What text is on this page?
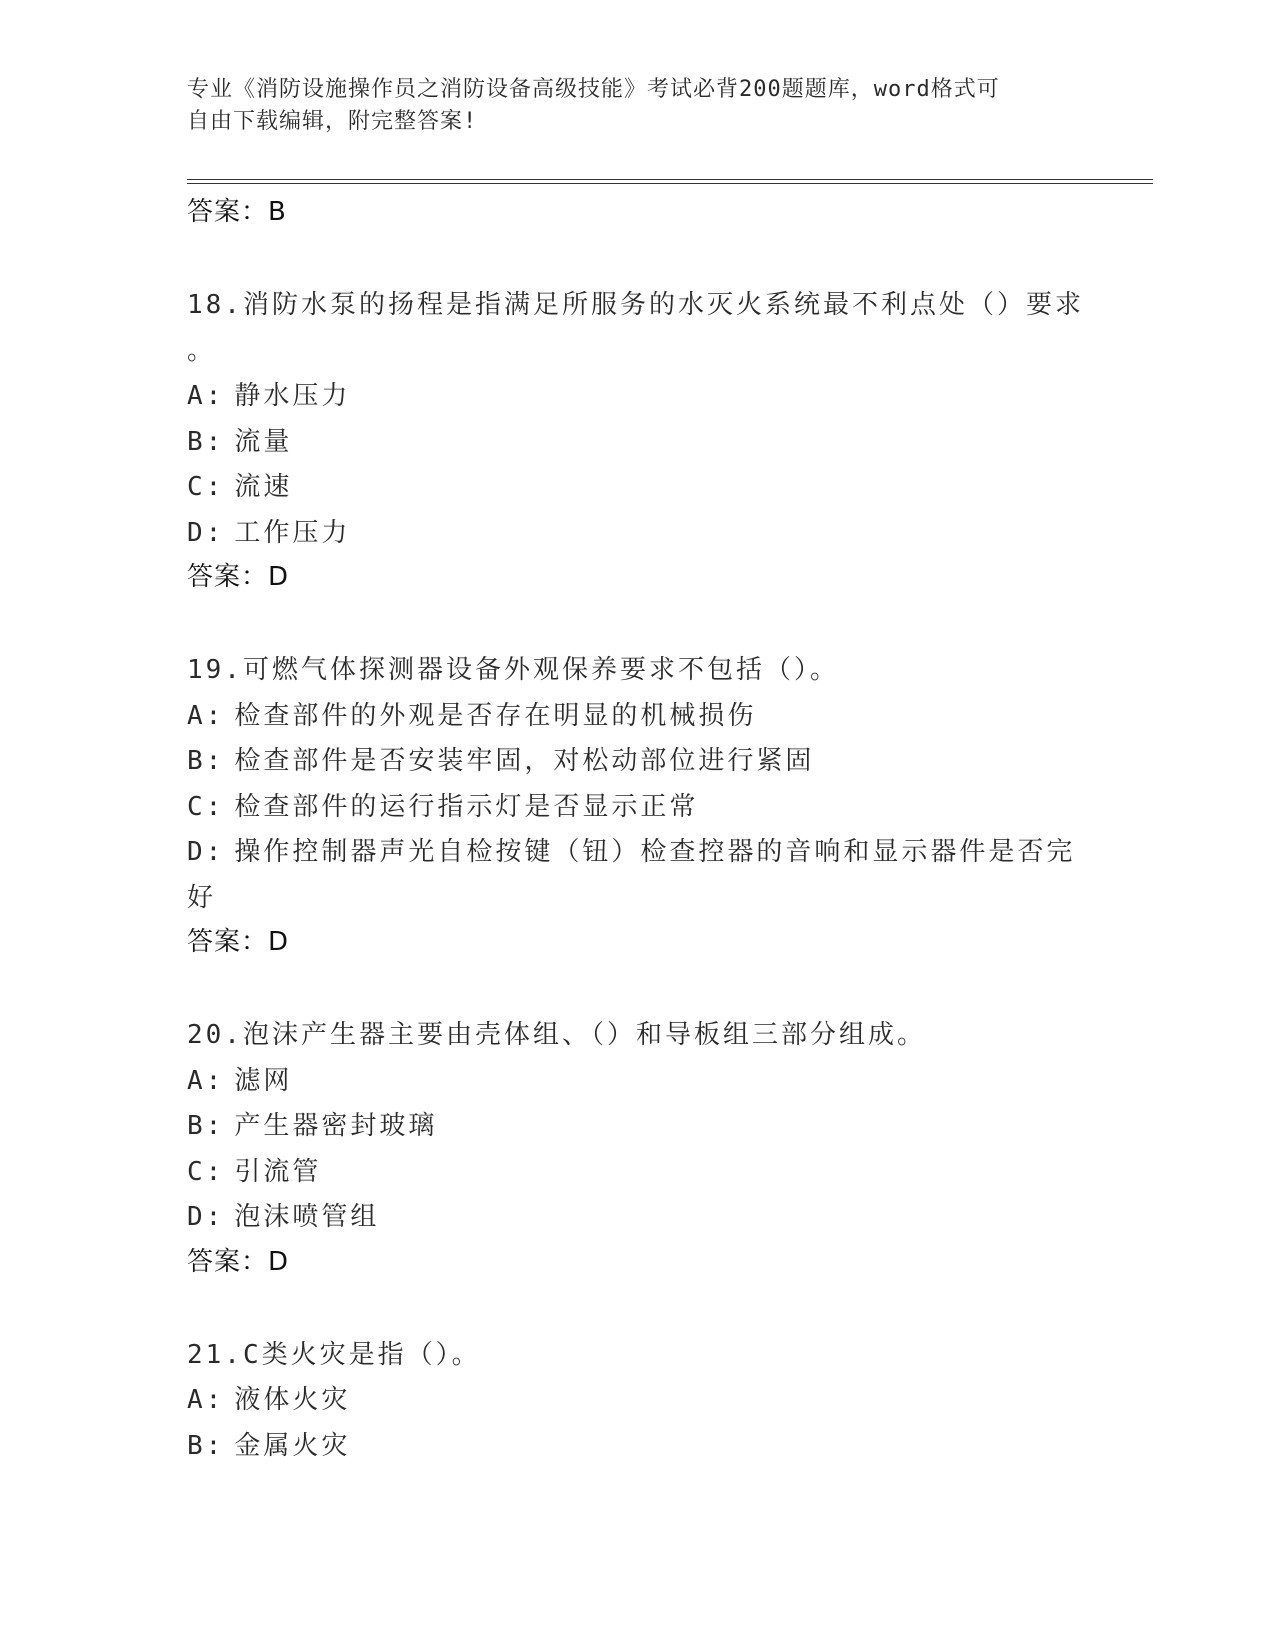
专业《消防设施操作员之消防设备高级技能》考试必背200题题库，word格式可
自由下载编辑，附完整答案!
答案：B
18.消防水泵的扬程是指满足所服务的水灭火系统最不利点处（）要求
。
A: 静水压力
B: 流量
C: 流速
D: 工作压力
答案：D
19.可燃气体探测器设备外观保养要求不包括（）。
A: 检查部件的外观是否存在明显的机械损伤
B: 检查部件是否安装牢固，对松动部位进行紧固
C: 检查部件的运行指示灯是否显示正常
D: 操作控制器声光自检按键（钮）检查控器的音响和显示器件是否完
好
答案：D
20.泡沫产生器主要由壳体组、（）和导板组三部分组成。
A: 滤网
B: 产生器密封玻璃
C: 引流管
D: 泡沫喷管组
答案：D
21.C类火灾是指（）。
A: 液体火灾
B: 金属火灾
